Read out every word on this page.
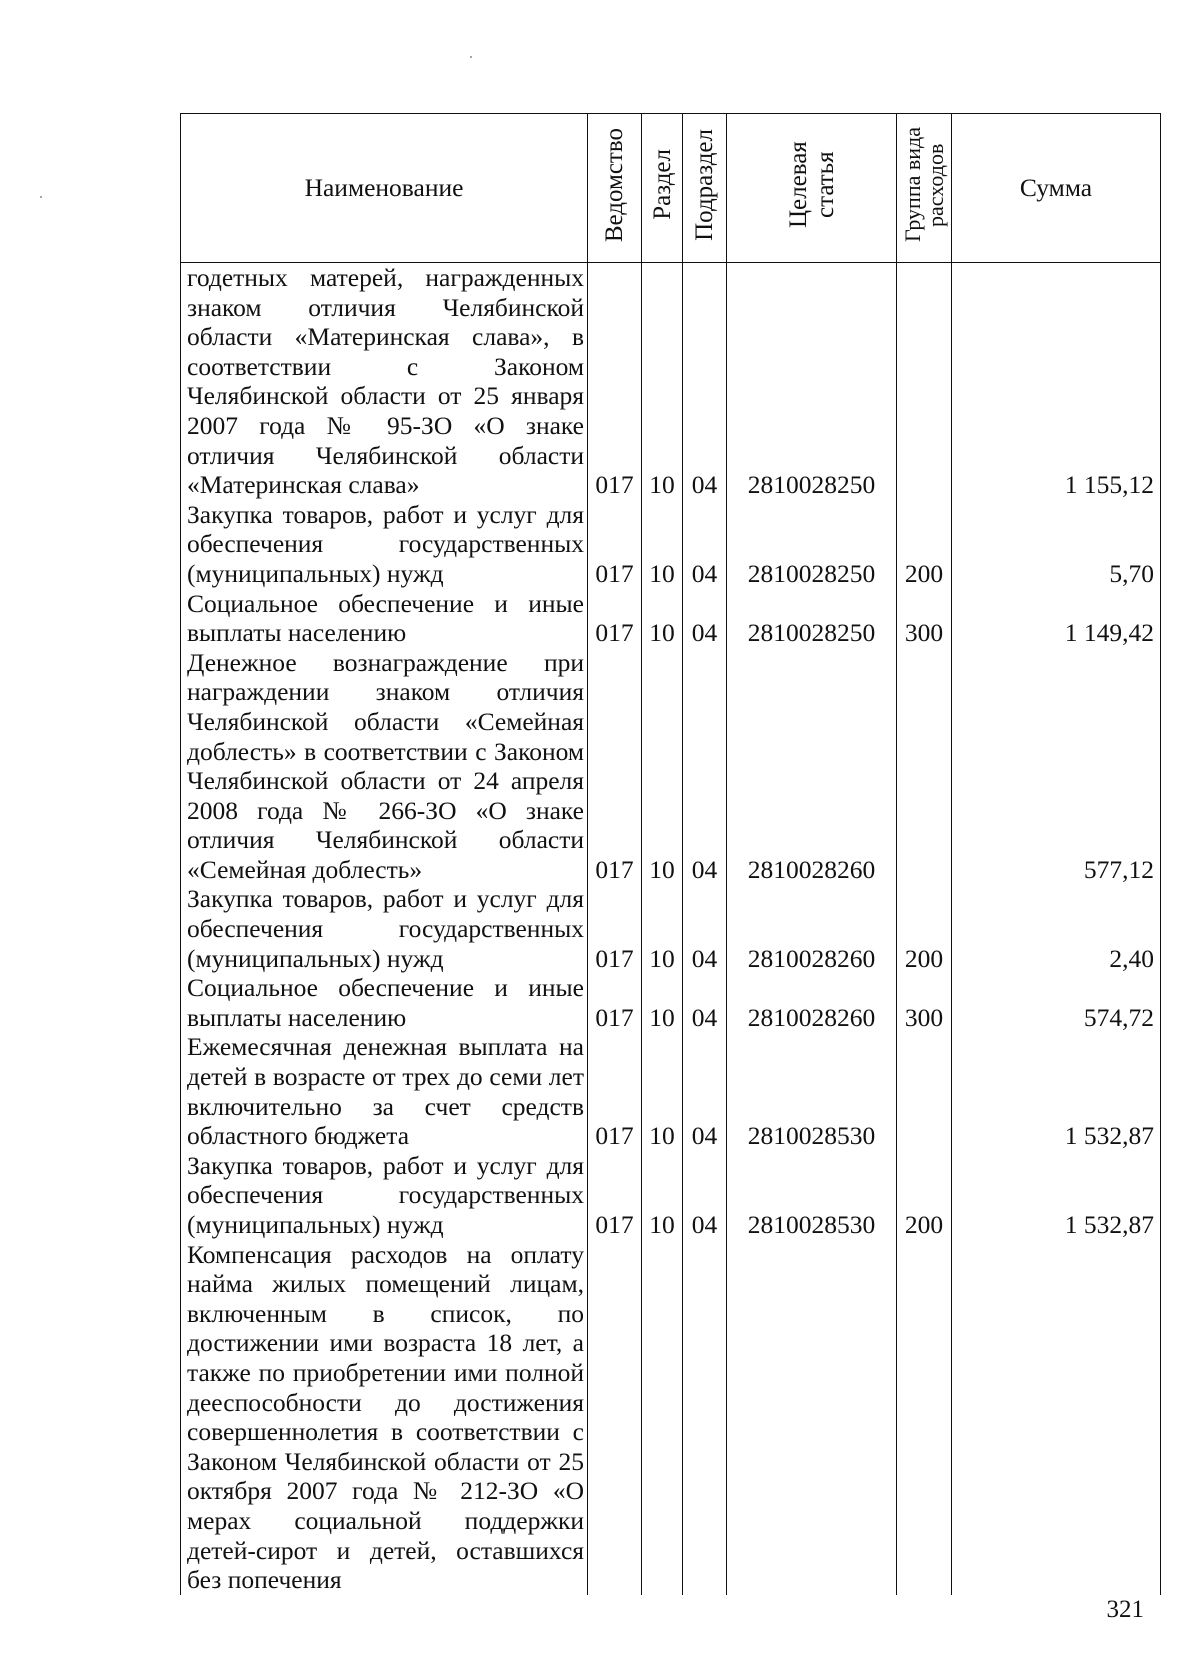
Наименование	Ведомство	Раздел	Подраздел	Целевая статья	Группа вида расходов	Сумма
годетных матерей, награжденных знаком отличия Челябинской области «Материнская слава», в соответствии с Законом Челябинской области от 25 января 2007 года № 95-ЗО «О знаке отличия Челябинской области «Материнская слава»	017	10	04	2810028250		1 155,12
Закупка товаров, работ и услуг для обеспечения государственных (муниципальных) нужд	017	10	04	2810028250	200	5,70
Социальное обеспечение и иные выплаты населению	017	10	04	2810028250	300	1 149,42
Денежное вознаграждение при награждении знаком отличия Челябинской области «Семейная доблесть» в соответствии с Законом Челябинской области от 24 апреля 2008 года № 266-ЗО «О знаке отличия Челябинской области «Семейная доблесть»	017	10	04	2810028260		577,12
Закупка товаров, работ и услуг для обеспечения государственных (муниципальных) нужд	017	10	04	2810028260	200	2,40
Социальное обеспечение и иные выплаты населению	017	10	04	2810028260	300	574,72
Ежемесячная денежная выплата на детей в возрасте от трех до семи лет включительно за счет средств областного бюджета	017	10	04	2810028530		1 532,87
Закупка товаров, работ и услуг для обеспечения государственных (муниципальных) нужд	017	10	04	2810028530	200	1 532,87
Компенсация расходов на оплату найма жилых помещений лицам, включенным в список, по достижении ими возраста 18 лет, а также по приобретении ими полной дееспособности до достижения совершеннолетия в соответствии с Законом Челябинской области от 25 октября 2007 года № 212-ЗО «О мерах социальной поддержки детей-сирот и детей, оставшихся без попечения						
321
